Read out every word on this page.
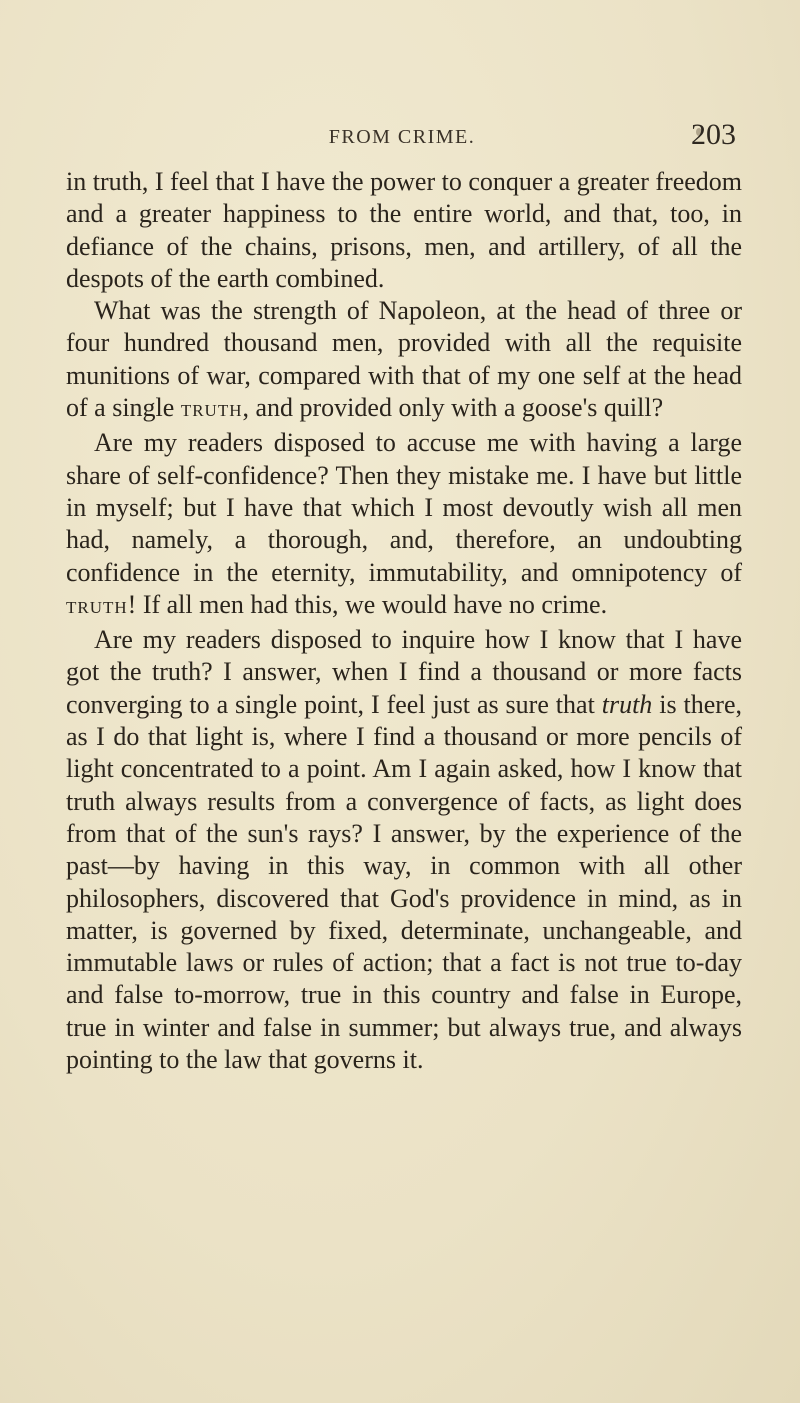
FROM CRIME.	203

in truth, I feel that I have the power to conquer a greater freedom and a greater happiness to the entire world, and that, too, in defiance of the chains, prisons, men, and artillery, of all the despots of the earth combined.

What was the strength of Napoleon, at the head of three or four hundred thousand men, provided with all the requisite munitions of war, compared with that of my one self at the head of a single TRUTH, and provided only with a goose's quill?

Are my readers disposed to accuse me with having a large share of self-confidence? Then they mistake me. I have but little in myself; but I have that which I most devoutly wish all men had, namely, a thorough, and, therefore, an undoubting confidence in the eternity, immutability, and omnipotency of TRUTH! If all men had this, we would have no crime.

Are my readers disposed to inquire how I know that I have got the truth? I answer, when I find a thousand or more facts converging to a single point, I feel just as sure that truth is there, as I do that light is, where I find a thousand or more pencils of light concentrated to a point. Am I again asked, how I know that truth always results from a convergence of facts, as light does from that of the sun's rays? I answer, by the experience of the past—by having in this way, in common with all other philosophers, discovered that God's providence in mind, as in matter, is governed by fixed, determinate, unchangeable, and immutable laws or rules of action; that a fact is not true to-day and false to-morrow, true in this country and false in Europe, true in winter and false in summer; but always true, and always pointing to the law that governs it.
